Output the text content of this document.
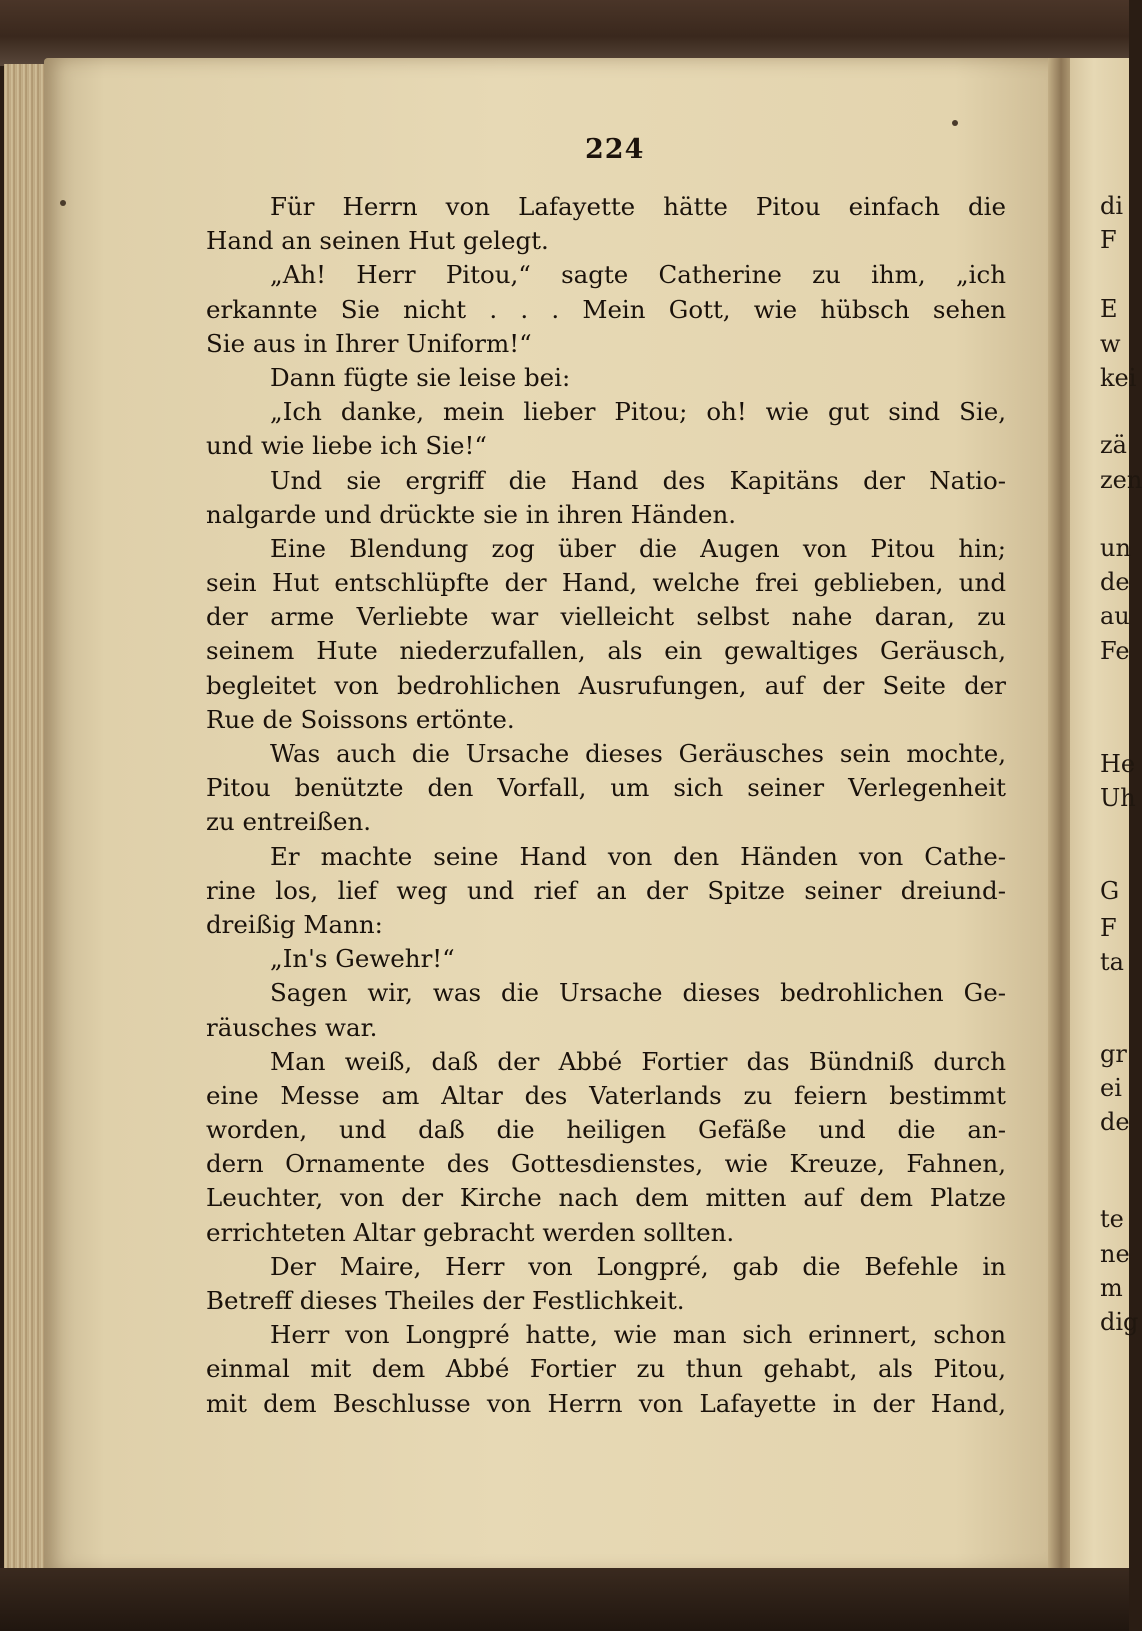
224
Für Herrn von Lafayette hätte Pitou einfach die
Hand an seinen Hut gelegt.
„Ah! Herr Pitou,“ sagte Catherine zu ihm, „ich
erkannte Sie nicht . . . Mein Gott, wie hübsch sehen
Sie aus in Ihrer Uniform!“
Dann fügte sie leise bei:
„Ich danke, mein lieber Pitou; oh! wie gut sind Sie,
und wie liebe ich Sie!“
Und sie ergriff die Hand des Kapitäns der Natio-
nalgarde und drückte sie in ihren Händen.
Eine Blendung zog über die Augen von Pitou hin;
sein Hut entschlüpfte der Hand, welche frei geblieben, und
der arme Verliebte war vielleicht selbst nahe daran, zu
seinem Hute niederzufallen, als ein gewaltiges Geräusch,
begleitet von bedrohlichen Ausrufungen, auf der Seite der
Rue de Soissons ertönte.
Was auch die Ursache dieses Geräusches sein mochte,
Pitou benützte den Vorfall, um sich seiner Verlegenheit
zu entreißen.
Er machte seine Hand von den Händen von Cathe-
rine los, lief weg und rief an der Spitze seiner dreiund-
dreißig Mann:
„In's Gewehr!“
Sagen wir, was die Ursache dieses bedrohlichen Ge-
räusches war.
Man weiß, daß der Abbé Fortier das Bündniß durch
eine Messe am Altar des Vaterlands zu feiern bestimmt
worden, und daß die heiligen Gefäße und die an-
dern Ornamente des Gottesdienstes, wie Kreuze, Fahnen,
Leuchter, von der Kirche nach dem mitten auf dem Platze
errichteten Altar gebracht werden sollten.
Der Maire, Herr von Longpré, gab die Befehle in
Betreff dieses Theiles der Festlichkeit.
Herr von Longpré hatte, wie man sich erinnert, schon
einmal mit dem Abbé Fortier zu thun gehabt, als Pitou,
mit dem Beschlusse von Herrn von Lafayette in der Hand,
di
F
E
w
kei
zä
zen
un
de
au
Fe
He
Uh
G
F
ta
gr
ei
de
te
ne
m
dig
